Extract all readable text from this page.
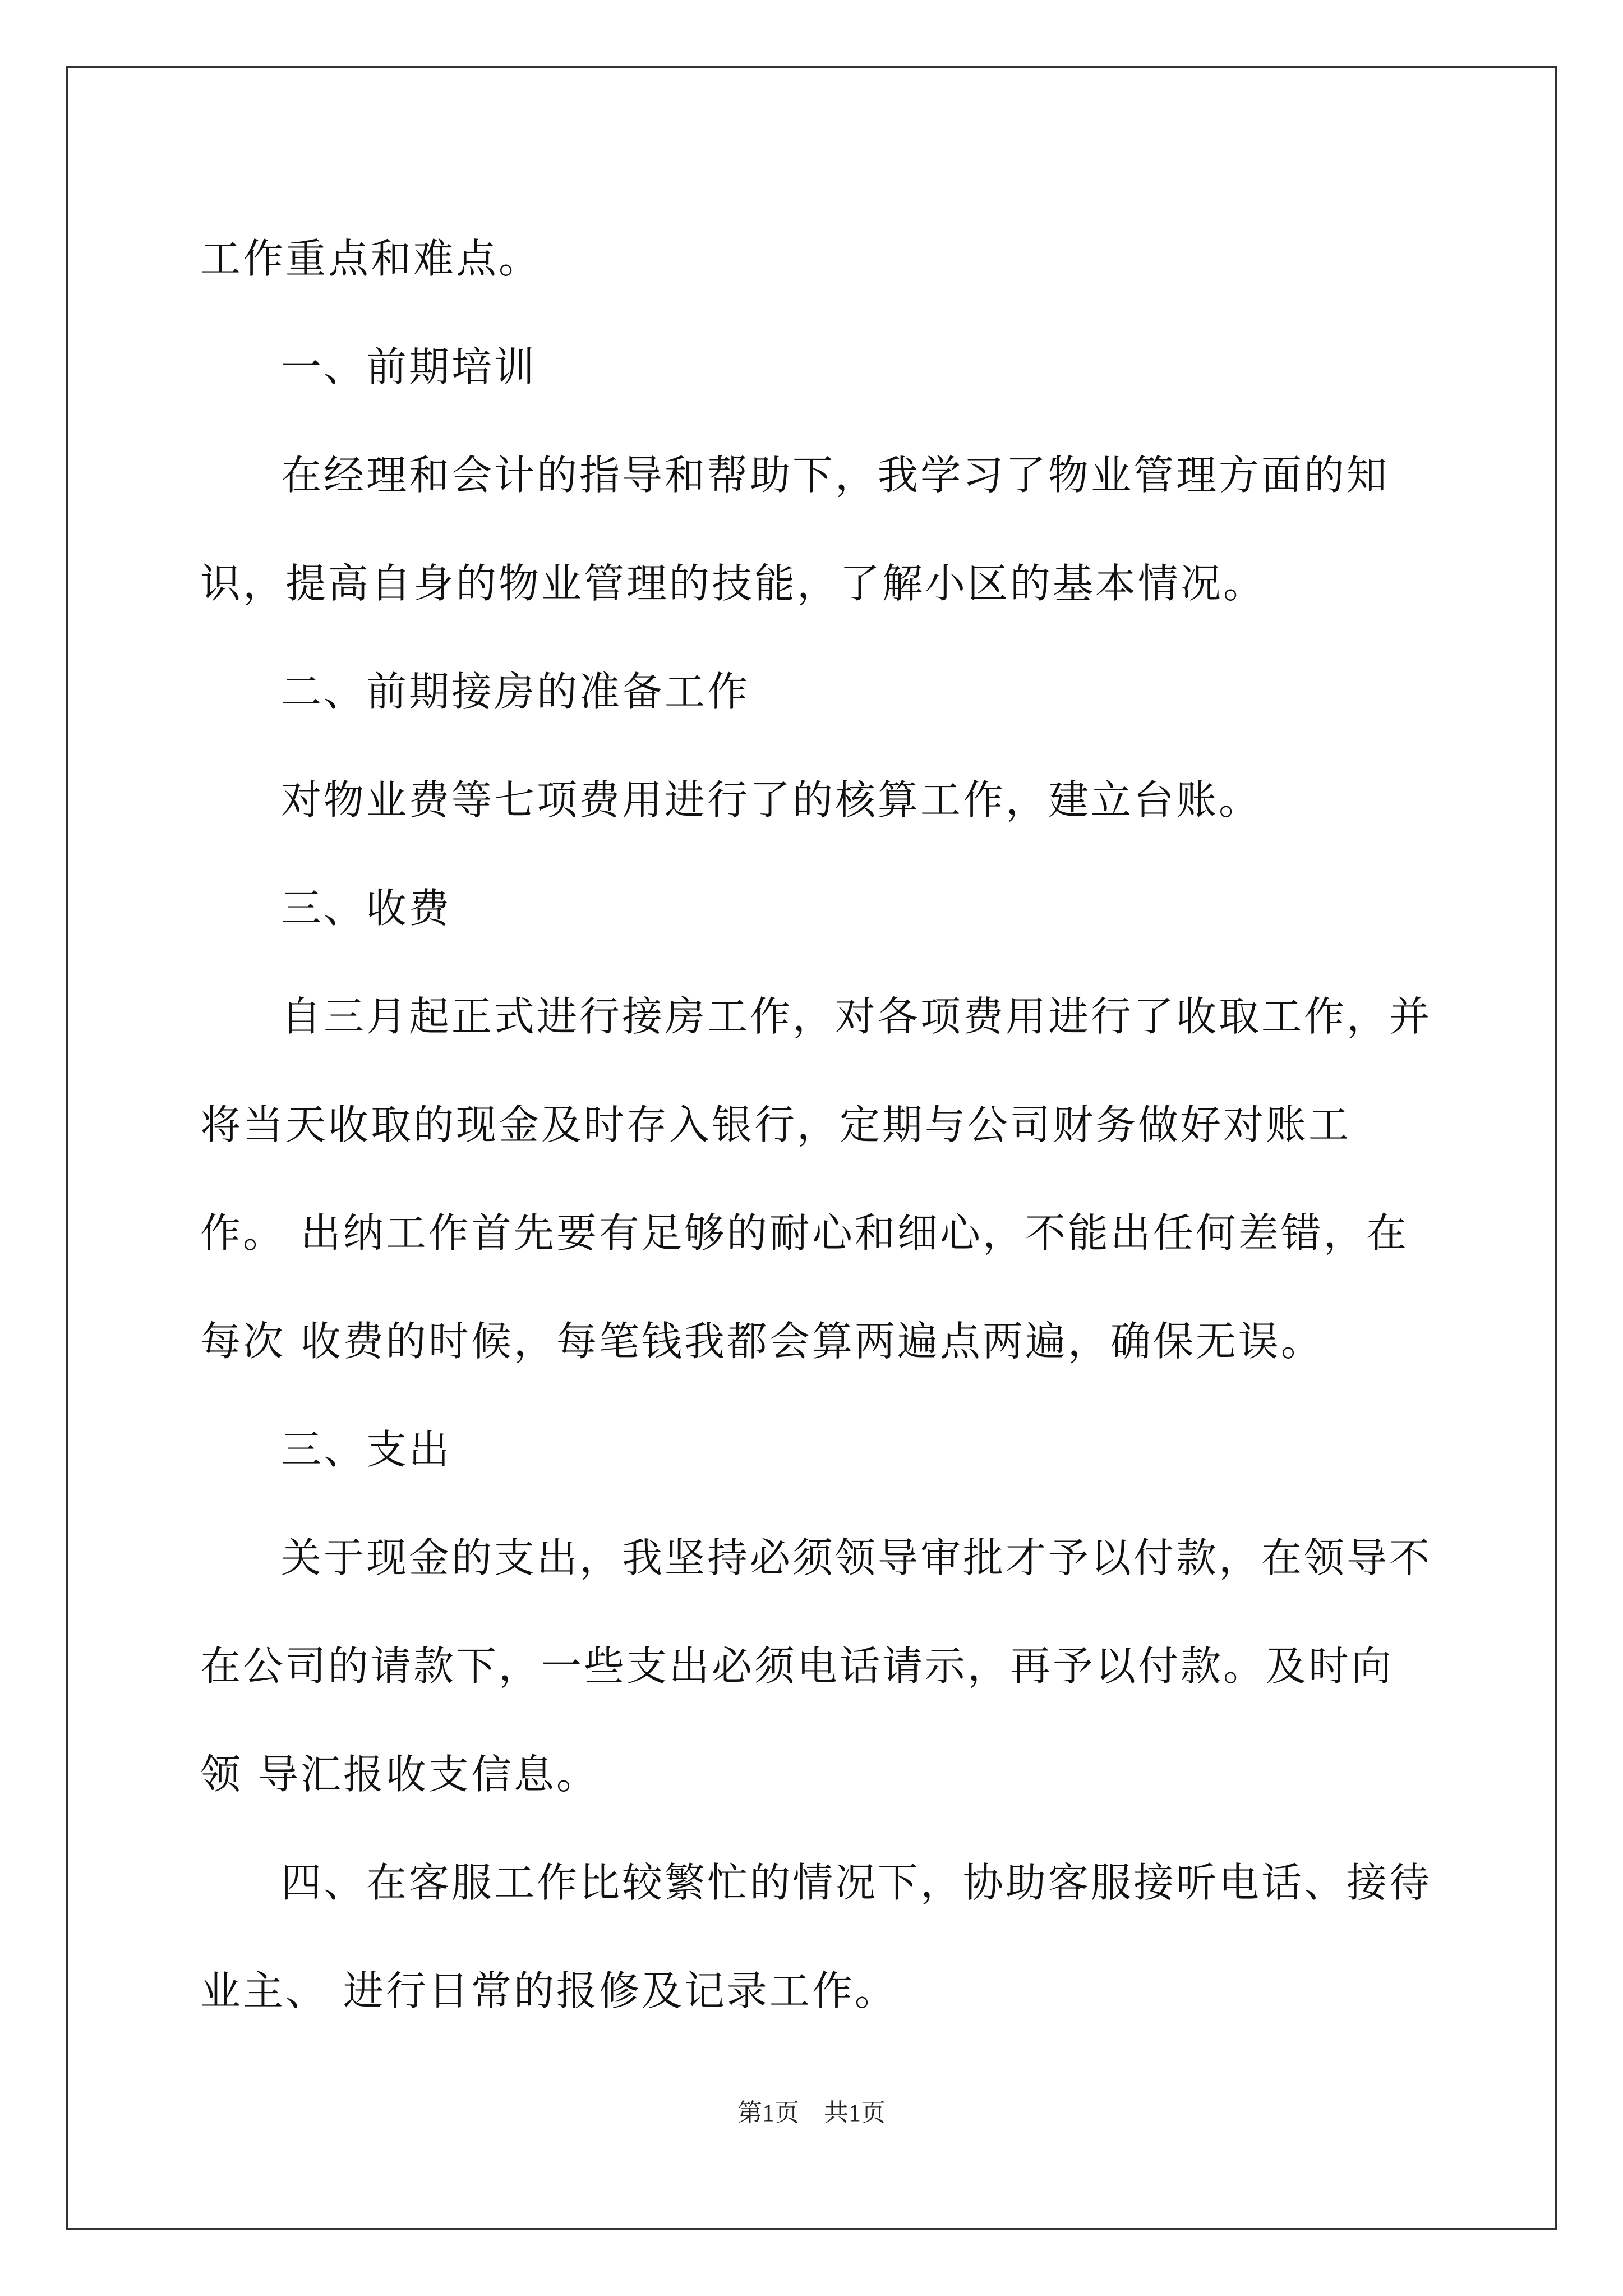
工作重点和难点。

一、前期培训

在经理和会计的指导和帮助下，我学习了物业管理方面的知识，提高自身的物业管理的技能，了解小区的基本情况。

二、前期接房的准备工作

对物业费等七项费用进行了的核算工作，建立台账。

三、收费

自三月起正式进行接房工作，对各项费用进行了收取工作，并将当天收取的现金及时存入银行，定期与公司财务做好对账工作。 出纳工作首先要有足够的耐心和细心，不能出任何差错，在每次 收费的时候，每笔钱我都会算两遍点两遍，确保无误。

三、支出

关于现金的支出，我坚持必须领导审批才予以付款，在领导不在公司的请款下，一些支出必须电话请示，再予以付款。及时向领 导汇报收支信息。

四、在客服工作比较繁忙的情况下，协助客服接听电话、接待业主、 进行日常的报修及记录工作。

第1页 共1页
